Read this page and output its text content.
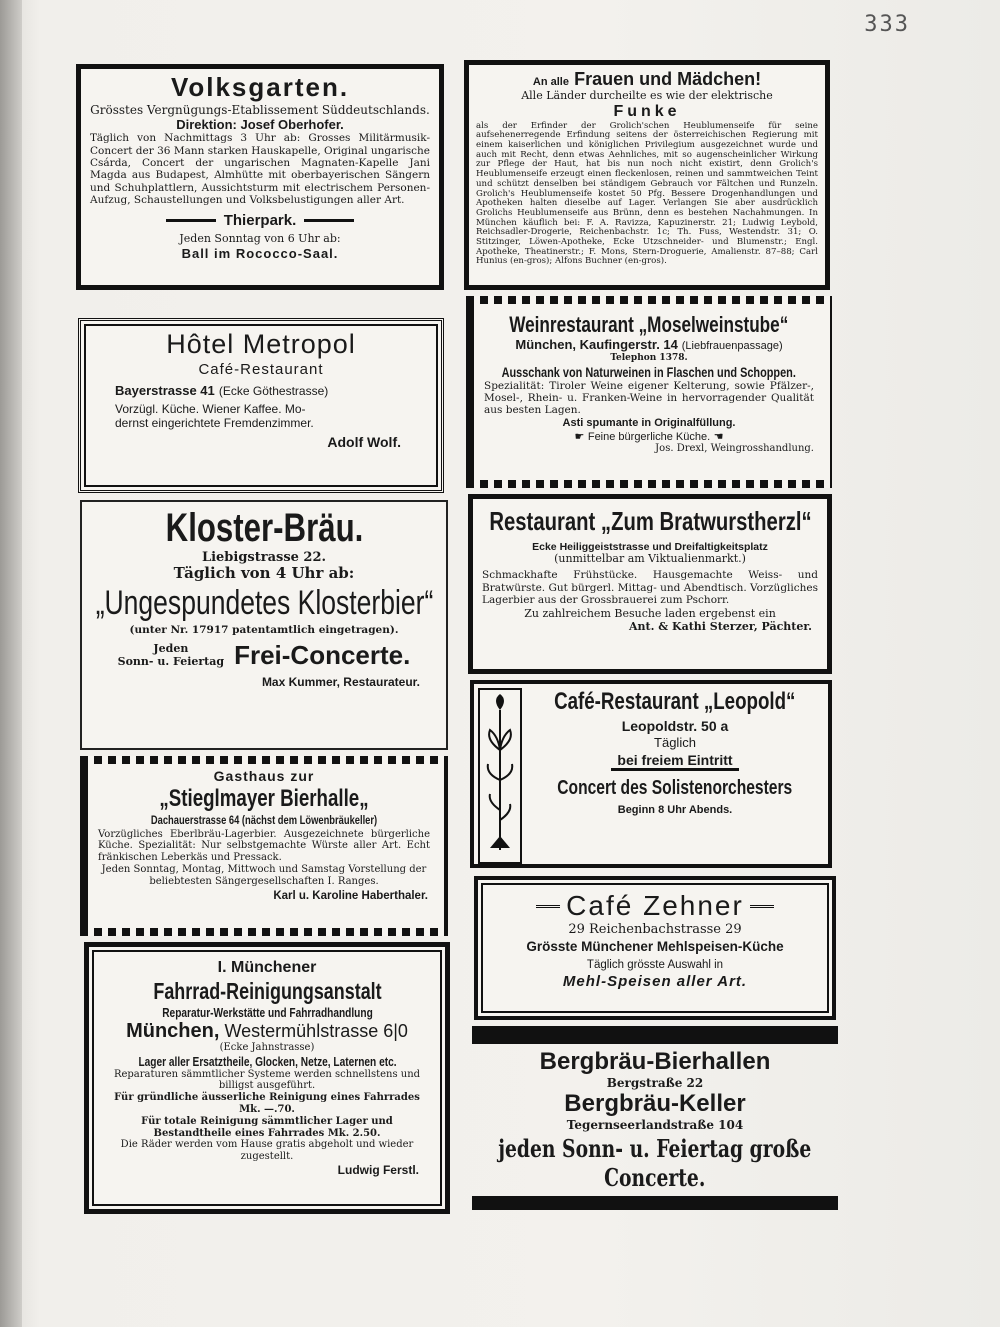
333
Volksgarten.
Grösstes Vergnügungs-Etablissement Süddeutschlands.
Direktion: Josef Oberhofer.
Täglich von Nachmittags 3 Uhr ab: Grosses Militärmusik-Concert der 36 Mann starken Hauskapelle, Original ungarische Csárda, Concert der ungarischen Magnaten-Kapelle Jani Magda aus Budapest, Almhütte mit oberbayerischen Sängern und Schuhplattlern, Aussichtsturm mit electrischem Personen-Aufzug, Schaustellungen und Volksbelustigungen aller Art.
Thierpark.
Jeden Sonntag von 6 Uhr ab:
Ball im Rococco-Saal.
An alle Frauen und Mädchen!
Alle Länder durcheilte es wie der elektrische
Funke
als der Erfinder der Grolich'schen Heublumenseife für seine aufsehenerregende Erfindung seitens der österreichischen Regierung mit einem kaiserlichen und königlichen Privilegium ausgezeichnet wurde und auch mit Recht, denn etwas Aehnliches, mit so augenscheinlicher Wirkung zur Pflege der Haut, hat bis nun noch nicht existirt, denn Grolich's Heublumenseife erzeugt einen fleckenlosen, reinen und sammtweichen Teint und schützt denselben bei ständigem Gebrauch vor Fältchen und Runzeln. Grolich's Heublumenseife kostet 50 Pfg. Bessere Drogenhandlungen und Apotheken halten dieselbe auf Lager. Verlangen Sie aber ausdrücklich Grolichs Heublumenseife aus Brünn, denn es bestehen Nachahmungen. In München käuflich bei: F. A. Ravizza, Kapuzinerstr. 21; Ludwig Leybold, Reichsadler-Drogerie, Reichenbachstr. 1c; Th. Fuss, Westendstr. 31; O. Stitzinger, Löwen-Apotheke, Ecke Utzschneider- und Blumenstr.; Engl. Apotheke, Theatinerstr.; F. Mons, Stern-Droguerie, Amalienstr. 87–88; Carl Hunius (en-gros); Alfons Buchner (en-gros).
Hôtel Metropol
Café-Restaurant
Bayerstrasse 41 (Ecke Göthestrasse)
Vorzügl. Küche. Wiener Kaffee. Mo-
dernst eingerichtete Fremdenzimmer.
Adolf Wolf.
Weinrestaurant „Moselweinstube“
München, Kaufingerstr. 14 (Liebfrauenpassage)
Telephon 1378.
Ausschank von Naturweinen in Flaschen und Schoppen.
Spezialität: Tiroler Weine eigener Kelterung, sowie Pfälzer-, Mosel-, Rhein- u. Franken-Weine in hervorragender Qualität aus besten Lagen.
Asti spumante in Originalfüllung.
☛ Feine bürgerliche Küche. ☚
Jos. Drexl, Weingrosshandlung.
Kloster-Bräu.
Liebigstrasse 22.
Täglich von 4 Uhr ab:
„Ungespundetes Klosterbier“
(unter Nr. 17917 patentamtlich eingetragen).
Jeden
Sonn- u. Feiertag Frei-Concerte.
Max Kummer, Restaurateur.
Restaurant „Zum Bratwurstherzl“
Ecke Heiliggeiststrasse und Dreifaltigkeitsplatz
(unmittelbar am Viktualienmarkt.)
Schmackhafte Frühstücke. Hausgemachte Weiss- und Bratwürste. Gut bürgerl. Mittag- und Abendtisch. Vorzügliches Lagerbier aus der Grossbrauerei zum Pschorr.
Zu zahlreichem Besuche laden ergebenst ein
Ant. & Kathi Sterzer, Pächter.
Café-Restaurant „Leopold“
Leopoldstr. 50 a
Täglich
bei freiem Eintritt
Concert des Solistenorchesters
Beginn 8 Uhr Abends.
Gasthaus zur
„Stieglmayer Bierhalle„
Dachauerstrasse 64 (nächst dem Löwenbräukeller)
Vorzügliches Eberlbräu-Lagerbier. Ausgezeichnete bürgerliche Küche. Spezialität: Nur selbstgemachte Würste aller Art. Echt fränkischen Leberkäs und Pressack.
Jeden Sonntag, Montag, Mittwoch und Samstag Vorstellung der beliebtesten Sängergesellschaften I. Ranges.
Karl u. Karoline Haberthaler.	Café Zehner
29 Reichenbachstrasse 29
Grösste Münchener Mehlspeisen-Küche
Täglich grösste Auswahl in
Mehl-Speisen aller Art.
I. Münchener
Fahrrad-Reinigungsanstalt
Reparatur-Werkstätte und Fahrradhandlung
München, Westermühlstrasse 6|0
(Ecke Jahnstrasse)
Lager aller Ersatztheile, Glocken, Netze, Laternen etc.
Reparaturen sämmtlicher Systeme werden schnellstens und billigst ausgeführt.
Für gründliche äusserliche Reinigung eines Fahrrades Mk. —.70.
Für totale Reinigung sämmtlicher Lager und Bestandtheile eines Fahrrades Mk. 2.50.
Die Räder werden vom Hause gratis abgeholt und wieder zugestellt.
Ludwig Ferstl.
Bergbräu-Bierhallen
Bergstraße 22
Bergbräu-Keller
Tegernseerlandstraße 104
jeden Sonn- u. Feiertag große Concerte.
